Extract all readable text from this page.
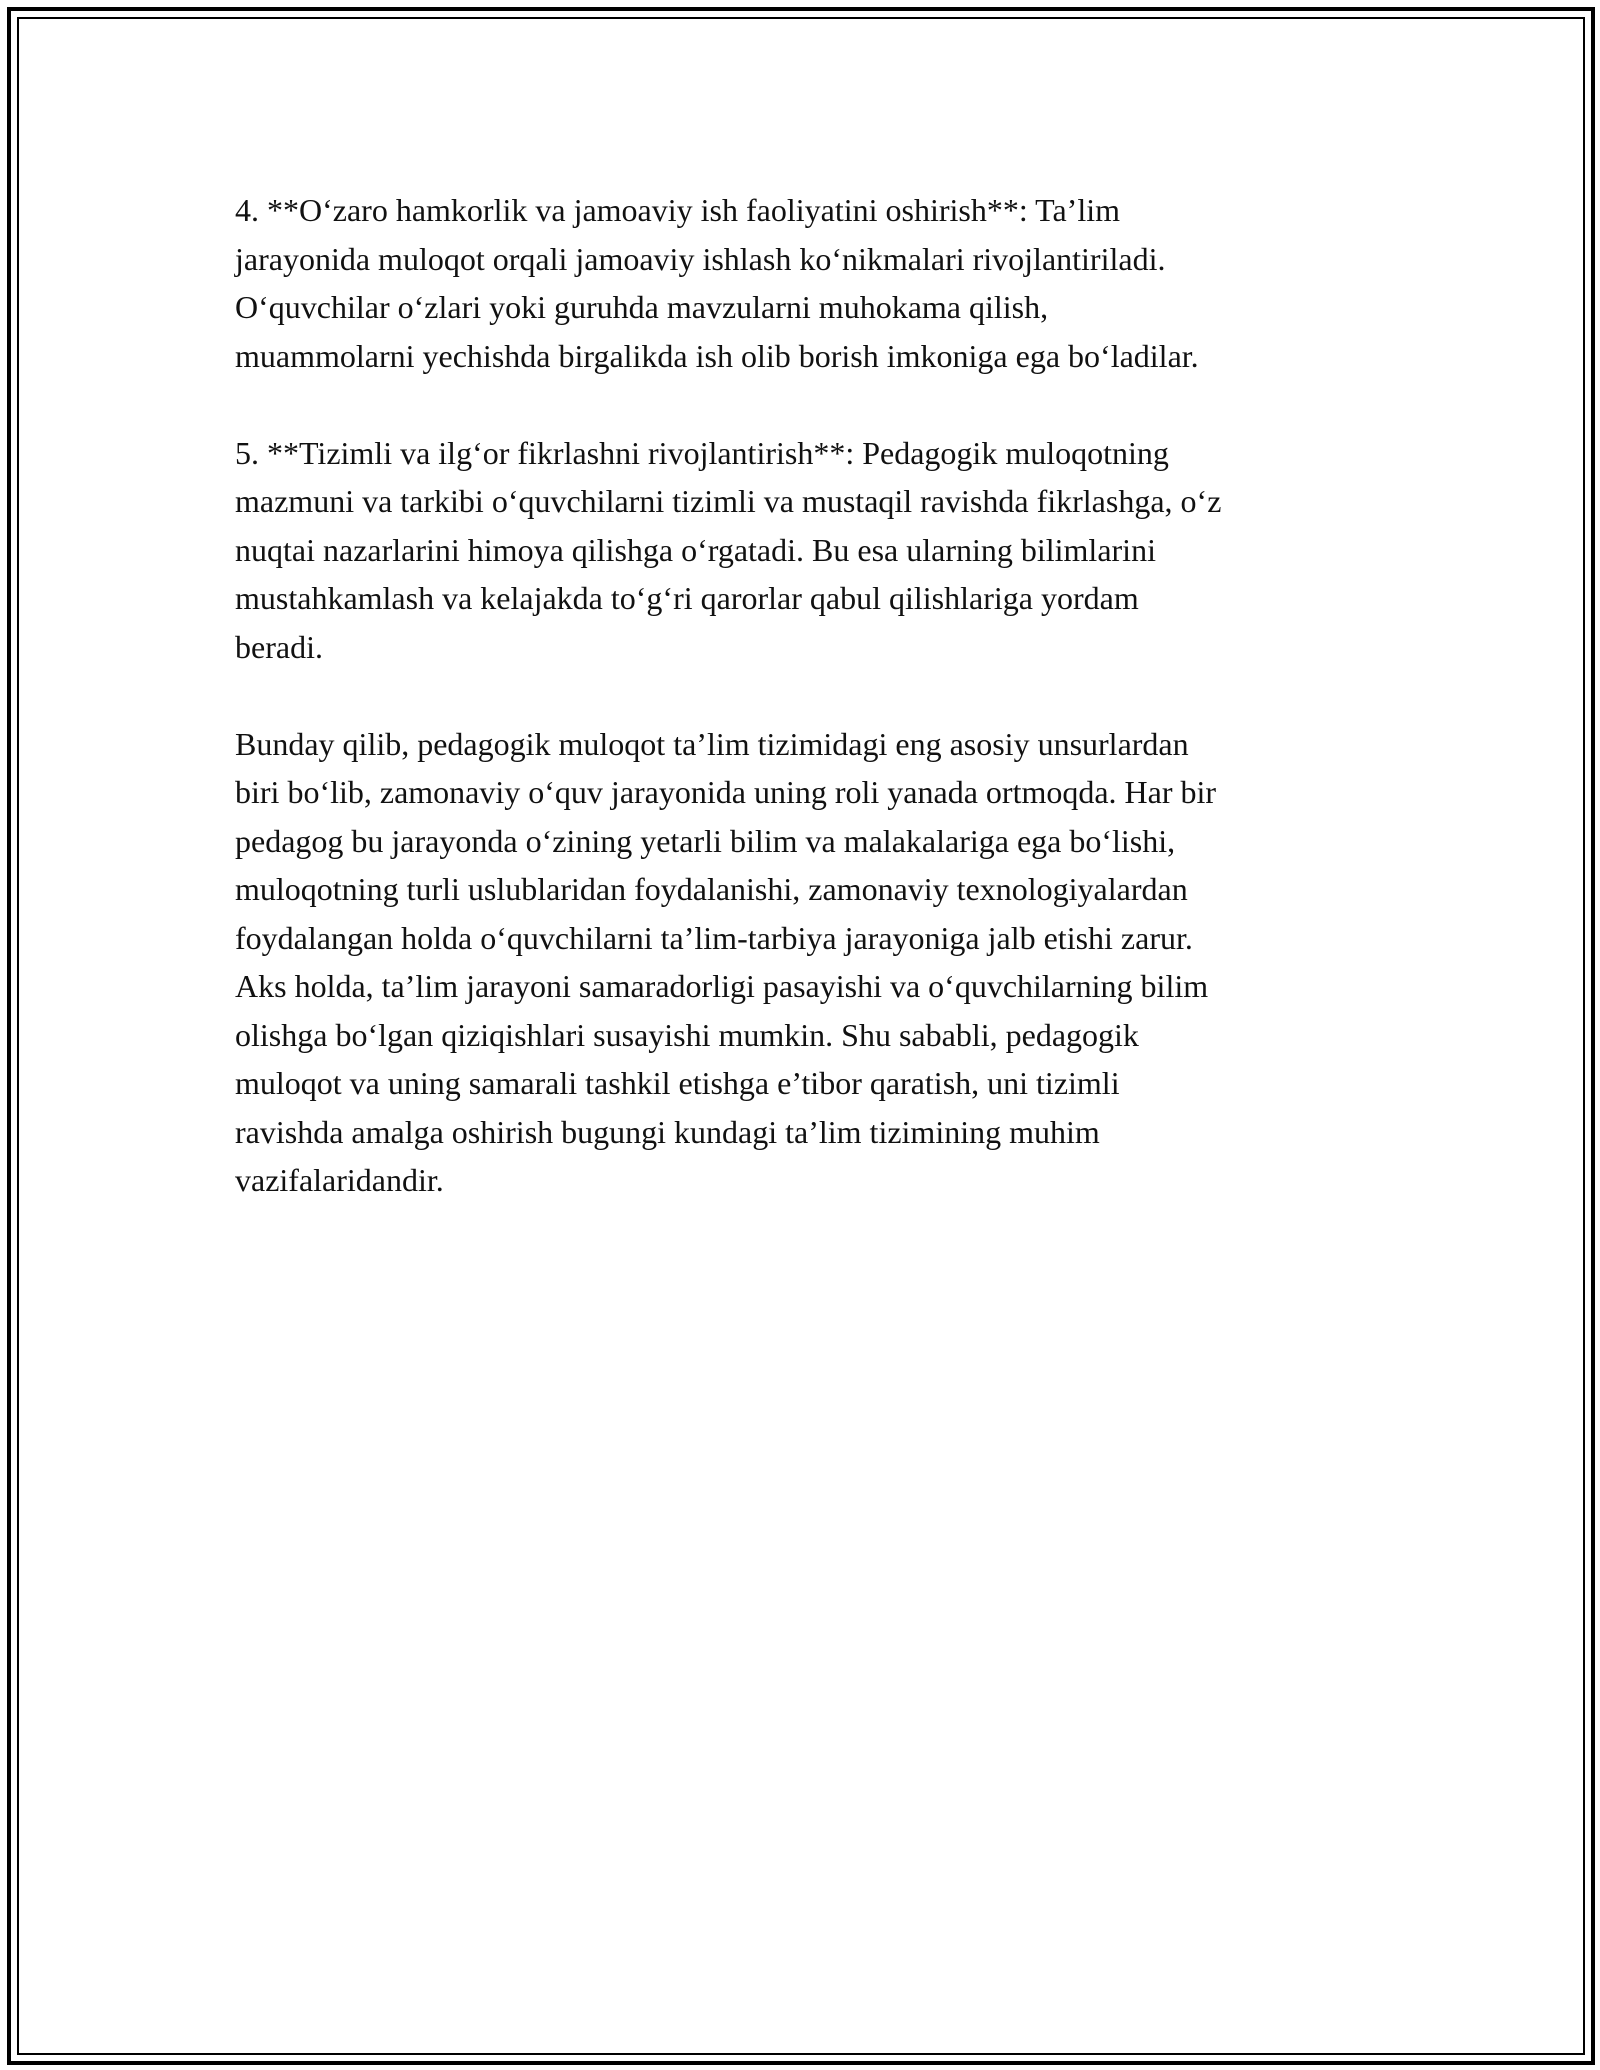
4. **O‘zaro hamkorlik va jamoaviy ish faoliyatini oshirish**: Ta’lim
jarayonida muloqot orqali jamoaviy ishlash ko‘nikmalari rivojlantiriladi.
O‘quvchilar o‘zlari yoki guruhda mavzularni muhokama qilish,
muammolarni yechishda birgalikda ish olib borish imkoniga ega bo‘ladilar.

5. **Tizimli va ilg‘or fikrlashni rivojlantirish**: Pedagogik muloqotning
mazmuni va tarkibi o‘quvchilarni tizimli va mustaqil ravishda fikrlashga, o‘z
nuqtai nazarlarini himoya qilishga o‘rgatadi. Bu esa ularning bilimlarini
mustahkamlash va kelajakda to‘g‘ri qarorlar qabul qilishlariga yordam
beradi.

Bunday qilib, pedagogik muloqot ta’lim tizimidagi eng asosiy unsurlardan
biri bo‘lib, zamonaviy o‘quv jarayonida uning roli yanada ortmoqda. Har bir
pedagog bu jarayonda o‘zining yetarli bilim va malakalariga ega bo‘lishi,
muloqotning turli uslublaridan foydalanishi, zamonaviy texnologiyalardan
foydalangan holda o‘quvchilarni ta’lim-tarbiya jarayoniga jalb etishi zarur.
Aks holda, ta’lim jarayoni samaradorligi pasayishi va o‘quvchilarning bilim
olishga bo‘lgan qiziqishlari susayishi mumkin. Shu sababli, pedagogik
muloqot va uning samarali tashkil etishga e’tibor qaratish, uni tizimli
ravishda amalga oshirish bugungi kundagi ta’lim tizimining muhim
vazifalaridandir.
